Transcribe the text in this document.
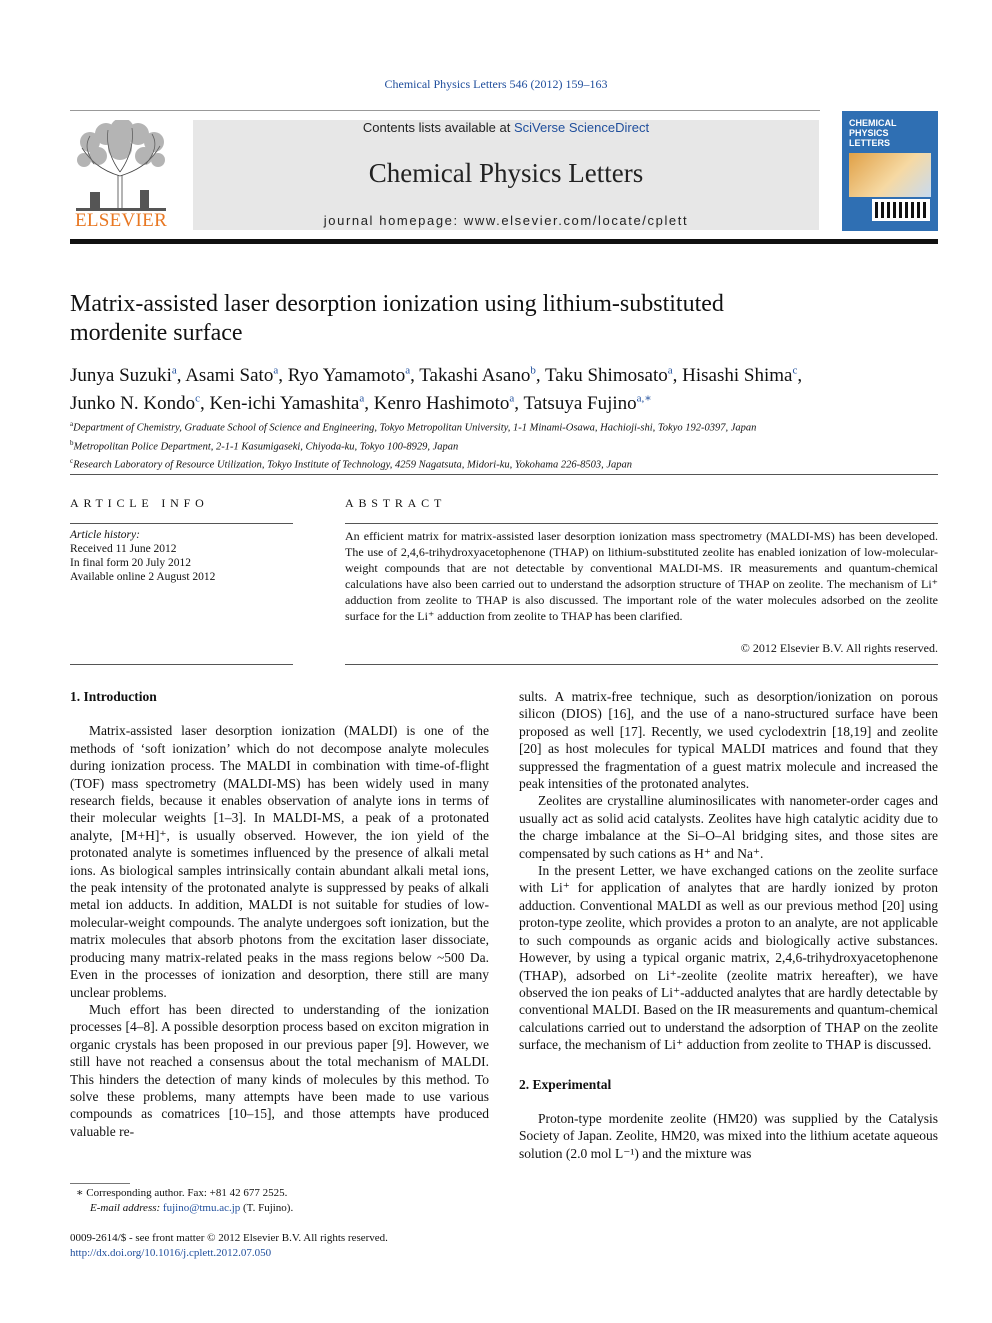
Chemical Physics Letters 546 (2012) 159–163
ELSEVIER
Contents lists available at SciVerse ScienceDirect
Chemical Physics Letters
journal homepage: www.elsevier.com/locate/cplett
CHEMICAL
PHYSICS
LETTERS
Matrix-assisted laser desorption ionization using lithium-substituted
mordenite surface
Junya Suzuki$^a$, Asami Sato$^a$, Ryo Yamamoto$^a$, Takashi Asano$^b$, Taku Shimosato$^a$, Hisashi Shima$^c$,
Junko N. Kondo$^c$, Ken-ichi Yamashita$^a$, Kenro Hashimoto$^a$, Tatsuya Fujino$^{a,∗}$
$^a$Department of Chemistry, Graduate School of Science and Engineering, Tokyo Metropolitan University, 1-1 Minami-Osawa, Hachioji-shi, Tokyo 192-0397, Japan
$^b$Metropolitan Police Department, 2-1-1 Kasumigaseki, Chiyoda-ku, Tokyo 100-8929, Japan
$^c$Research Laboratory of Resource Utilization, Tokyo Institute of Technology, 4259 Nagatsuta, Midori-ku, Yokohama 226-8503, Japan
ARTICLE INFO
Article history:
Received 11 June 2012
In final form 20 July 2012
Available online 2 August 2012
ABSTRACT
An efficient matrix for matrix-assisted laser desorption ionization mass spectrometry (MALDI-MS) has been developed. The use of 2,4,6-trihydroxyacetophenone (THAP) on lithium-substituted zeolite has enabled ionization of low-molecular-weight compounds that are not detectable by conventional MALDI-MS. IR measurements and quantum-chemical calculations have also been carried out to understand the adsorption structure of THAP on zeolite. The mechanism of Li⁺ adduction from zeolite to THAP is also discussed. The important role of the water molecules adsorbed on the zeolite surface for the Li⁺ adduction from zeolite to THAP has been clarified.
© 2012 Elsevier B.V. All rights reserved.
1. Introduction

Matrix-assisted laser desorption ionization (MALDI) is one of the methods of ‘soft ionization’ which do not decompose analyte molecules during ionization process. The MALDI in combination with time-of-flight (TOF) mass spectrometry (MALDI-MS) has been widely used in many research fields, because it enables observation of analyte ions in terms of their molecular weights [1–3]. In MALDI-MS, a peak of a protonated analyte, [M+H]⁺, is usually observed. However, the ion yield of the protonated analyte is sometimes influenced by the presence of alkali metal ions. As biological samples intrinsically contain abundant alkali metal ions, the peak intensity of the protonated analyte is suppressed by peaks of alkali metal ion adducts. In addition, MALDI is not suitable for studies of low-molecular-weight compounds. The analyte undergoes soft ionization, but the matrix molecules that absorb photons from the excitation laser dissociate, producing many matrix-related peaks in the mass regions below ~500 Da. Even in the processes of ionization and desorption, there still are many unclear problems.

Much effort has been directed to understanding of the ionization processes [4–8]. A possible desorption process based on exciton migration in organic crystals has been proposed in our previous paper [9]. However, we still have not reached a consensus about the total mechanism of MALDI. This hinders the detection of many kinds of molecules by this method. To solve these problems, many attempts have been made to use various compounds as comatrices [10–15], and those attempts have produced valuable re-

∗ Corresponding author. Fax: +81 42 677 2525.
E-mail address: fujino@tmu.ac.jp (T. Fujino).
0009-2614/$ - see front matter © 2012 Elsevier B.V. All rights reserved.
http://dx.doi.org/10.1016/j.cplett.2012.07.050

sults. A matrix-free technique, such as desorption/ionization on porous silicon (DIOS) [16], and the use of a nano-structured surface have been proposed as well [17]. Recently, we used cyclodextrin [18,19] and zeolite [20] as host molecules for typical MALDI matrices and found that they suppressed the fragmentation of a guest matrix molecule and increased the peak intensities of the protonated analytes.

Zeolites are crystalline aluminosilicates with nanometer-order cages and usually act as solid acid catalysts. Zeolites have high catalytic acidity due to the charge imbalance at the Si–O–Al bridging sites, and those sites are compensated by such cations as H⁺ and Na⁺.

In the present Letter, we have exchanged cations on the zeolite surface with Li⁺ for application of analytes that are hardly ionized by proton adduction. Conventional MALDI as well as our previous method [20] using proton-type zeolite, which provides a proton to an analyte, are not applicable to such compounds as organic acids and biologically active substances. However, by using a typical organic matrix, 2,4,6-trihydroxyacetophenone (THAP), adsorbed on Li⁺-zeolite (zeolite matrix hereafter), we have observed the ion peaks of Li⁺-adducted analytes that are hardly detectable by conventional MALDI. Based on the IR measurements and quantum-chemical calculations carried out to understand the adsorption of THAP on the zeolite surface, the mechanism of Li⁺ adduction from zeolite to THAP is discussed.

2. Experimental

Proton-type mordenite zeolite (HM20) was supplied by the Catalysis Society of Japan. Zeolite, HM20, was mixed into the lithium acetate aqueous solution (2.0 mol L⁻¹) and the mixture was
